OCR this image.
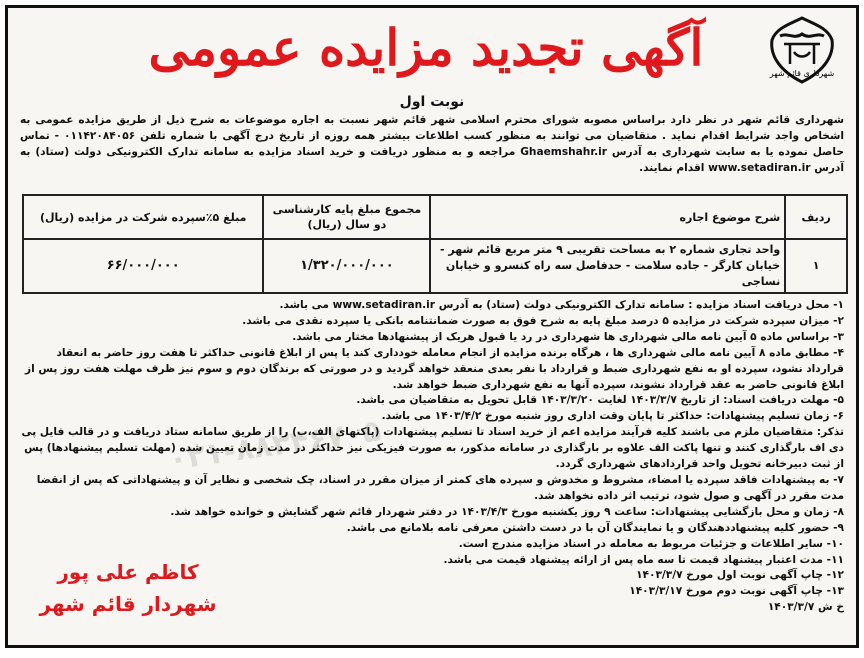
آگهی تجدید مزایده عمومی	شهرداری قائم شهر
نوبت اول

شهرداری قائم شهر در نظر دارد براساس مصوبه شورای محترم اسلامی شهر قائم شهر نسبت به اجاره موضوعات به شرح ذیل از طریق مزایده عمومی به اشخاص واجد شرایط اقدام نماید . متقاضیان می توانند به منظور کسب اطلاعات بیشتر همه روزه از تاریخ درج آگهی با شماره تلفن ۰۱۱۴۲۰۸۴۰۵۶ - تماس حاصل نموده یا به سایت شهرداری به آدرس Ghaemshahr.ir مراجعه و به منظور دریافت و خرید اسناد مزایده به سامانه تدارک الکترونیکی دولت (ستاد) به آدرس www.setadiran.ir اقدام نمایند.

ردیف	شرح موضوع اجاره	مجموع مبلغ پایه کارشناسی دو سال (ریال)	مبلغ ۵٪سپرده شرکت در مزایده (ریال)
۱	واحد تجاری شماره ۲ به مساحت تقریبی ۹ متر مربع قائم شهر - خیابان کارگر - جاده سلامت - حدفاصل سه راه کنسرو و خیابان نساجی	۱/۳۲۰/۰۰۰/۰۰۰	۶۶/۰۰۰/۰۰۰
۰۲۱-۸۸۳۴۶۷۰۵
۱- محل دریافت اسناد مزایده : سامانه تدارک الکترونیکی دولت (ستاد) به آدرس www.setadiran.ir می باشد.
۲- میزان سپرده شرکت در مزایده ۵ درصد مبلغ پایه به شرح فوق به صورت ضمانتنامه بانکی یا سپرده نقدی می باشد.
۳- براساس ماده ۵ آیین نامه مالی شهرداری ها شهرداری در رد یا قبول هریک از پیشنهادها مختار می باشد.
۴- مطابق ماده ۸ آیین نامه مالی شهرداری ها ، هرگاه برنده مزایده از انجام معامله خودداری کند یا پس از ابلاغ قانونی حداکثر تا هفت روز حاضر به انعقاد قرارداد نشود، سپرده او به نفع شهرداری ضبط و قرارداد با نفر بعدی منعقد خواهد گردید و در صورتی که برندگان دوم و سوم نیز ظرف مهلت هفت روز پس از ابلاغ قانونی حاضر به عقد قرارداد نشوند، سپرده آنها به نفع شهرداری ضبط خواهد شد.
۵- مهلت دریافت اسناد: از تاریخ ۱۴۰۳/۳/۷ لغایت ۱۴۰۳/۳/۲۰ قابل تحویل به متقاضیان می باشد.
۶- زمان تسلیم پیشنهادات: حداکثر تا پایان وقت اداری روز شنبه مورخ ۱۴۰۳/۴/۲ می باشد.
تذکر: متقاضیان ملزم می باشند کلیه فرآیند مزایده اعم از خرید اسناد تا تسلیم پیشنهادات (پاکتهای الف،ب) را از طریق سامانه ستاد دریافت و در قالب فایل پی دی اف بارگذاری کنند و تنها پاکت الف علاوه بر بارگذاری در سامانه مذکور، به صورت فیزیکی نیز حداکثر در مدت زمان تعیین شده (مهلت تسلیم پیشنهادها) پس از ثبت دبیرخانه تحویل واحد قراردادهای شهرداری گردد.
۷- به پیشنهادات فاقد سپرده یا امضاء، مشروط و مخدوش و سپرده های کمتر از میزان مقرر در اسناد، چک شخصی و نظایر آن و پیشنهاداتی که پس از انقضا مدت مقرر در آگهی و صول شود، ترتیب اثر داده نخواهد شد.
۸- زمان و محل بازگشایی پیشنهادات: ساعت ۹ روز یکشنبه مورخ ۱۴۰۳/۴/۳ در دفتر شهردار قائم شهر گشایش و خوانده خواهد شد.
۹- حضور کلیه پیشنهاددهندگان و یا نمایندگان آن با در دست داشتن معرفی نامه بلامانع می باشد.
۱۰- سایر اطلاعات و جزئیات مربوط به معامله در اسناد مزایده مندرج است.
۱۱- مدت اعتبار پیشنهاد قیمت تا سه ماه پس از ارائه پیشنهاد قیمت می باشد.
۱۲- چاپ آگهی نوبت اول مورخ ۱۴۰۳/۳/۷
۱۳- چاپ آگهی نوبت دوم مورخ ۱۴۰۳/۳/۱۷
خ ش ۱۴۰۳/۳/۷
کاظم علی پور
شهردار قائم شهر
